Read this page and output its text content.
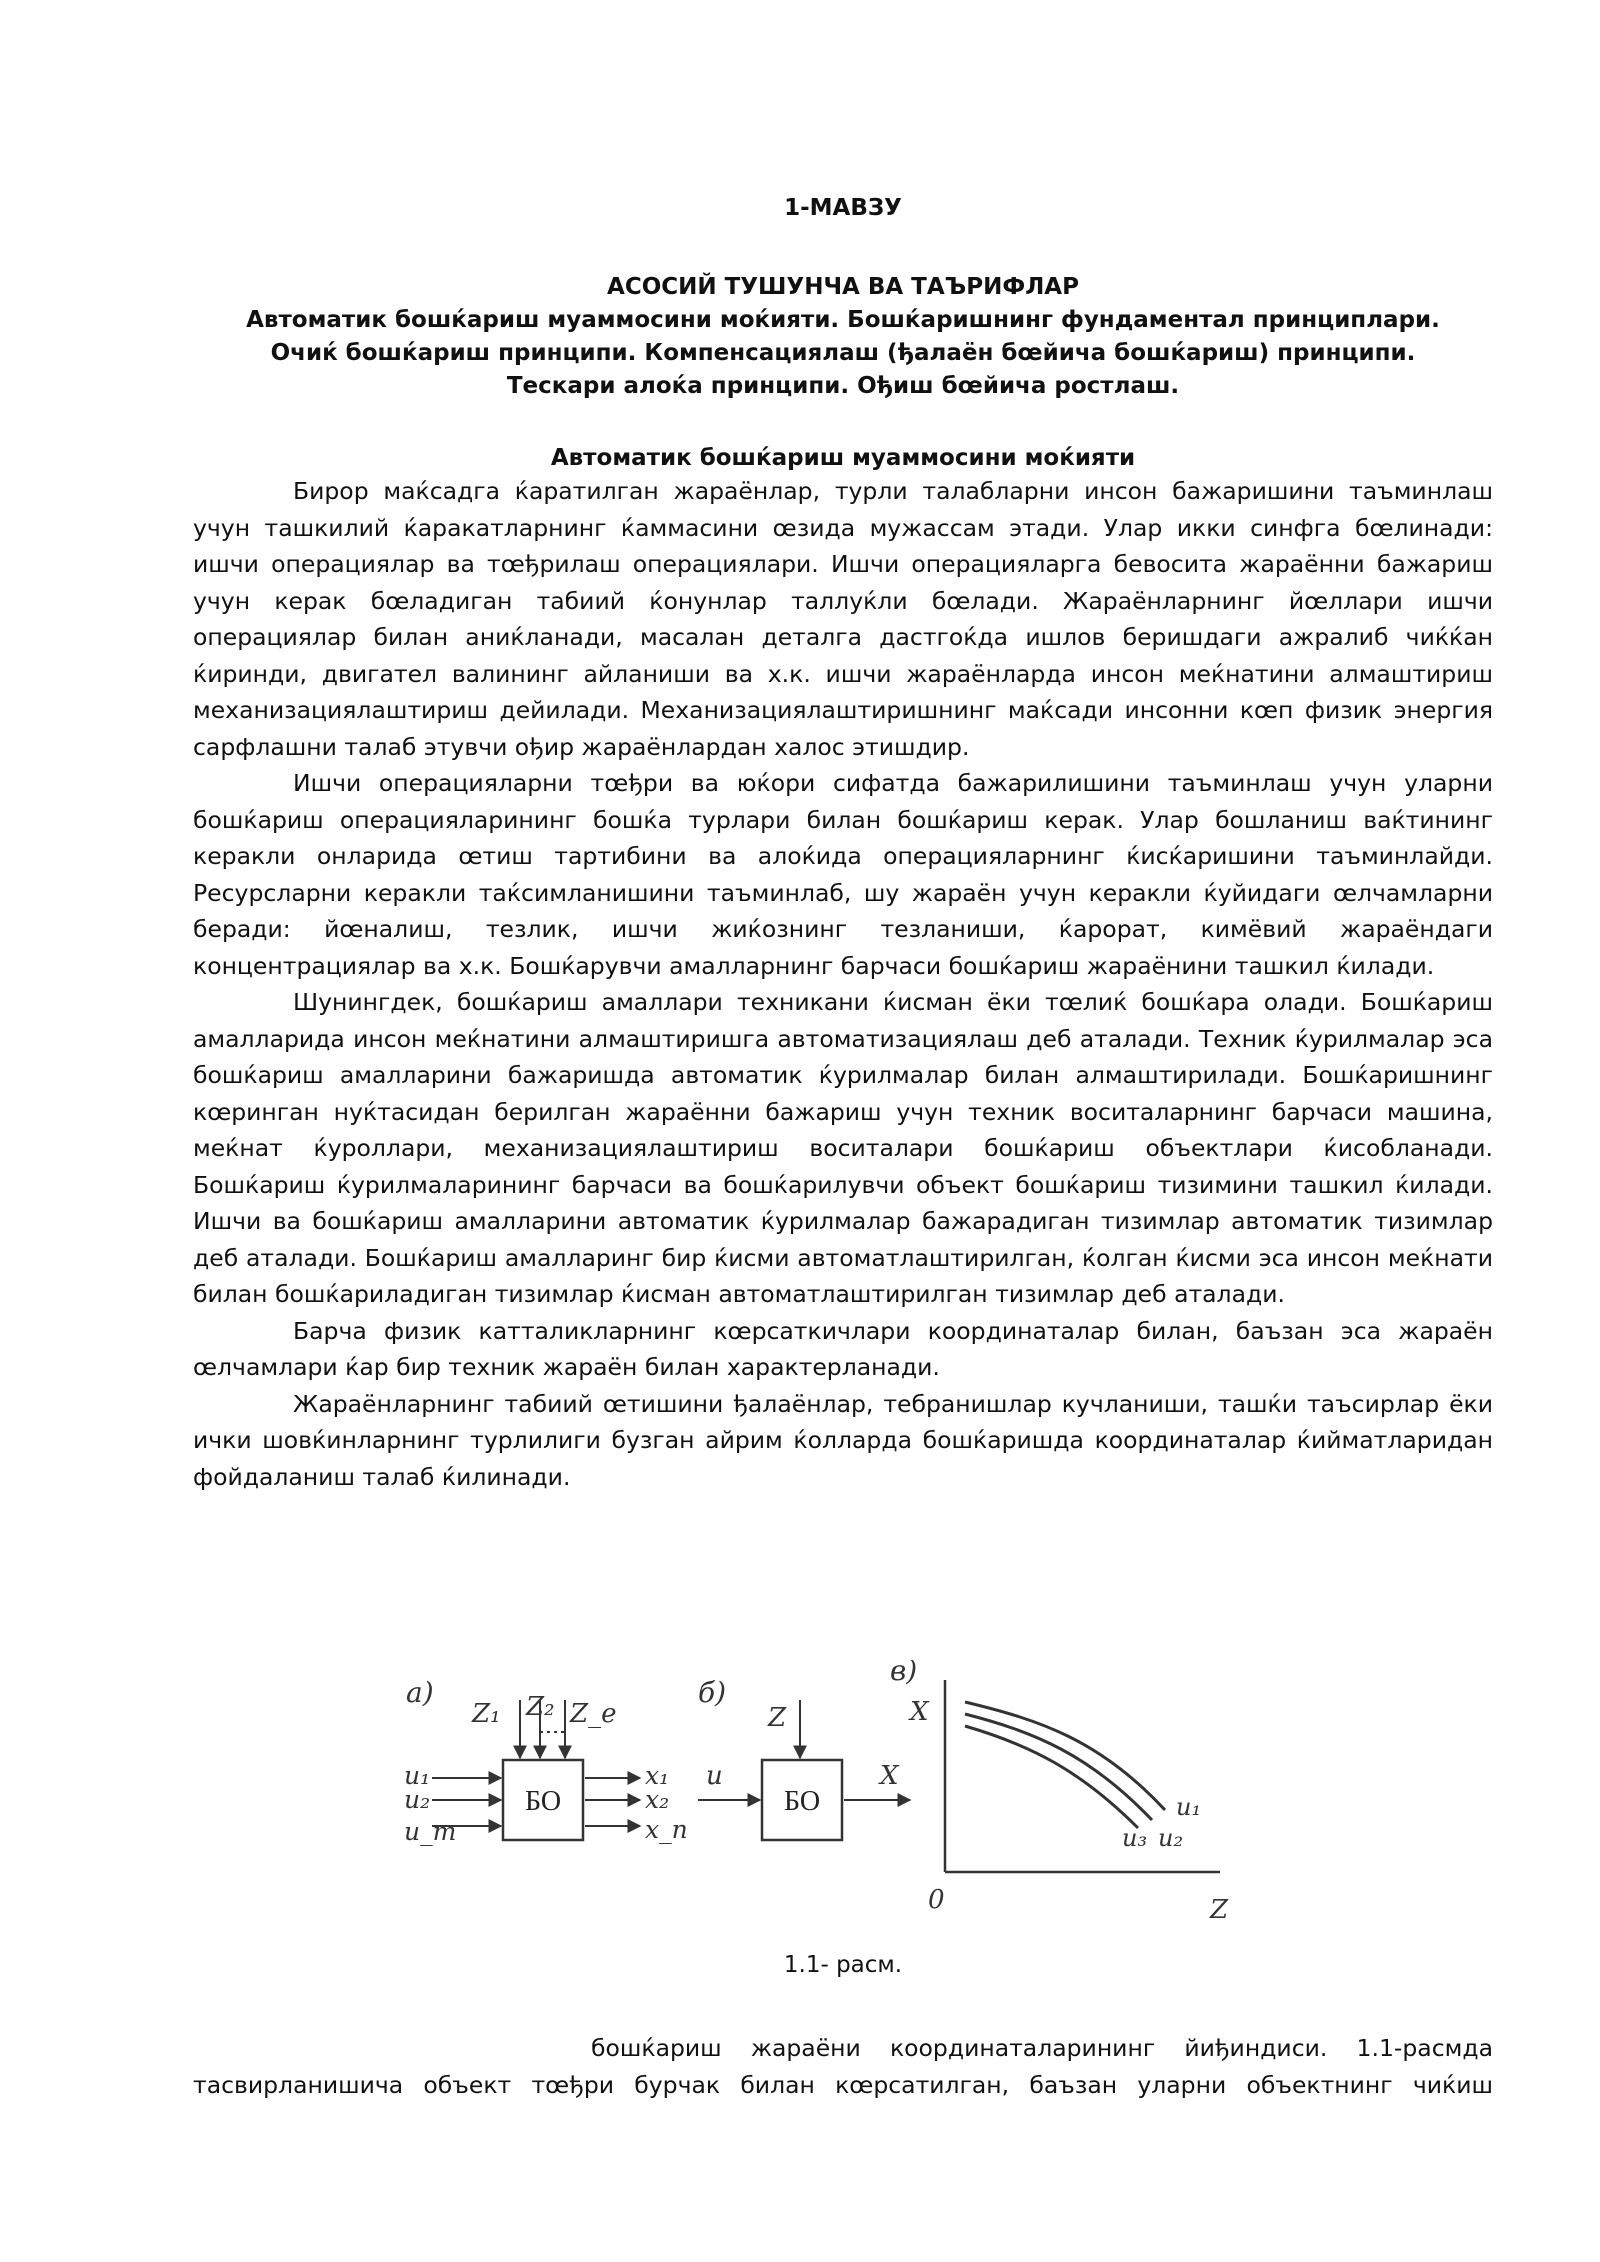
1-МАВЗУ
АСОСИЙ ТУШУНЧА ВА ТАЪРИФЛАР
Автоматик бошќариш муаммосини моќияти. Бошќаришнинг фундаментал принциплари.
Очиќ бошќариш принципи. Компенсациялаш (ђалаён бœйича бошќариш) принципи.
Тескари алоќа принципи. Ођиш бœйича ростлаш.
Автоматик бошќариш муаммосини моќияти

Бирор маќсадга ќаратилган жараёнлар, турли талабларни инсон бажаришини таъминлаш учун ташкилий ќаракатларнинг ќаммасини œзида мужассам этади. Улар икки синфга бœлинади: ишчи операциялар ва тœђрилаш операциялари. Ишчи операцияларга бевосита жараённи бажариш учун керак бœладиган табиий ќонунлар таллуќли бœлади. Жараёнларнинг йœллари ишчи операциялар билан аниќланади, масалан деталга дастгоќда ишлов беришдаги ажралиб чиќќан ќиринди, двигател валининг айланиши ва х.к. ишчи жараёнларда инсон меќнатини алмаштириш механизациялаштириш дейилади. Механизациялаштиришнинг маќсади инсонни кœп физик энергия сарфлашни талаб этувчи ођир жараёнлардан халос этишдир.

Ишчи операцияларни тœђри ва юќори сифатда бажарилишини таъминлаш учун уларни бошќариш операцияларининг бошќа турлари билан бошќариш керак. Улар бошланиш ваќтининг керакли онларида œтиш тартибини ва алоќида операцияларнинг ќисќаришини таъминлайди. Ресурсларни керакли таќсимланишини таъминлаб, шу жараён учун керакли ќуйидаги œлчамларни беради: йœналиш, тезлик, ишчи жиќознинг тезланиши, ќарорат, кимёвий жараёндаги концентрациялар ва х.к. Бошќарувчи амалларнинг барчаси бошќариш жараёнини ташкил ќилади.

Шунингдек, бошќариш амаллари техникани ќисман ёки тœлиќ бошќара олади. Бошќариш амалларида инсон меќнатини алмаштиришга автоматизациялаш деб аталади. Техник ќурилмалар эса бошќариш амалларини бажаришда автоматик ќурилмалар билан алмаштирилади. Бошќаришнинг кœринган нуќтасидан берилган жараённи бажариш учун техник воситаларнинг барчаси машина, меќнат ќуроллари, механизациялаштириш воситалари бошќариш объектлари ќисобланади. Бошќариш ќурилмаларининг барчаси ва бошќарилувчи объект бошќариш тизимини ташкил ќилади. Ишчи ва бошќариш амалларини автоматик ќурилмалар бажарадиган тизимлар автоматик тизимлар деб аталади. Бошќариш амалларинг бир ќисми автоматлаштирилган, ќолган ќисми эса инсон меќнати билан бошќариладиган тизимлар ќисман автоматлаштирилган тизимлар деб аталади.

Барча физик катталикларнинг кœрсаткичлари координаталар билан, баъзан эса жараён œлчамлари ќар бир техник жараён билан характерланади.

Жараёнларнинг табиий œтишини ђалаёнлар, тебранишлар кучланиши, ташќи таъсирлар ёки ички шовќинларнинг турлилиги бузган айрим ќолларда бошќаришда координаталар ќийматларидан фойдаланиш талаб ќилинади.

а)
БО
Z₁ Z₂ Z_e
u₁
u₂
u_m
x₁
x₂
x_n
б)
БО
Z
u	X
в)
X
Z
0
u₁
u₂
u₃
1.1- расм.
бошќариш жараёни координаталарининг йиђиндиси. 1.1-расмда
тасвирланишича объект тœђри бурчак билан кœрсатилган, баъзан уларни объектнинг чиќиш
